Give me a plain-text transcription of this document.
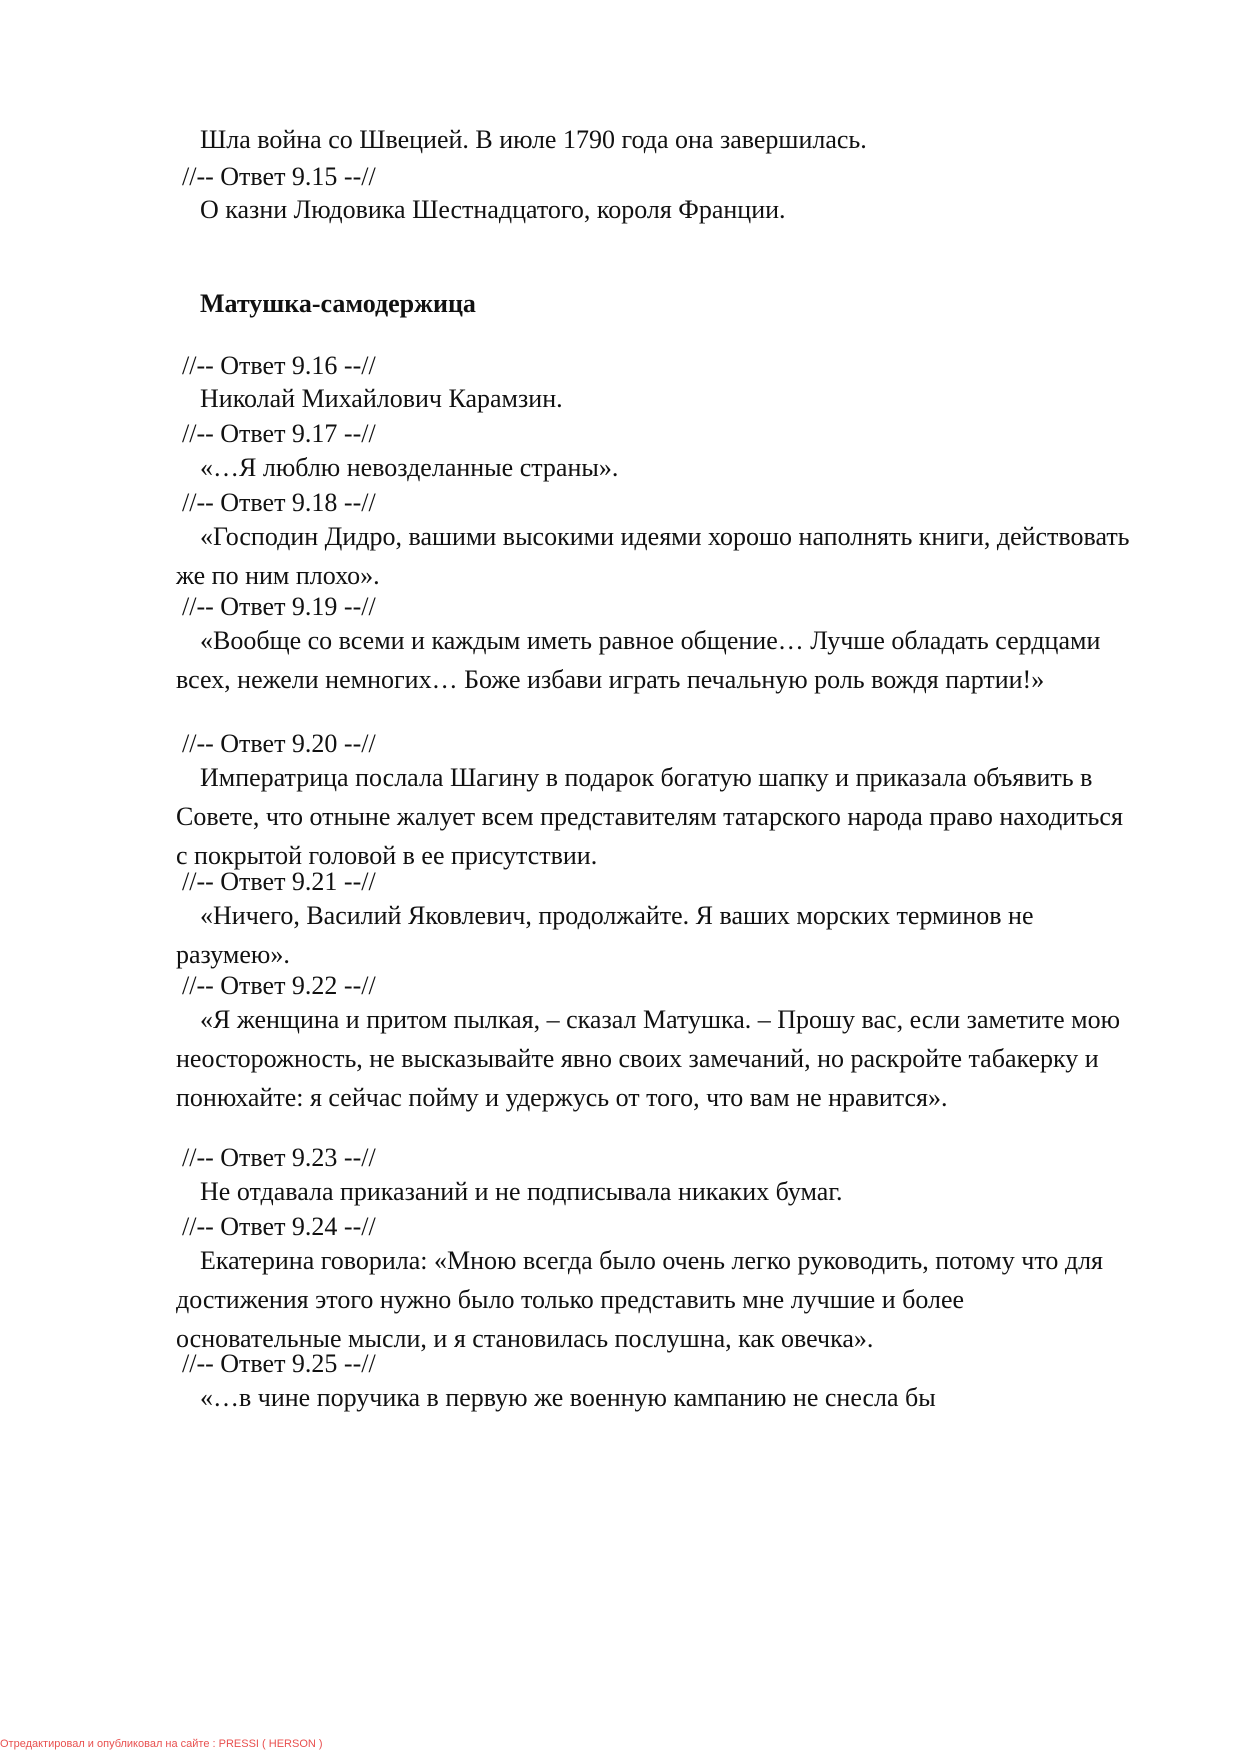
Шла война со Швецией. В июле 1790 года она завершилась.

//-- Ответ 9.15 --//

О казни Людовика Шестнадцатого, короля Франции.

Матушка-самодержица
//-- Ответ 9.16 --//

Николай Михайлович Карамзин.

//-- Ответ 9.17 --//

«…Я люблю невозделанные страны».

//-- Ответ 9.18 --//

«Господин Дидро, вашими высокими идеями хорошо наполнять книги, действовать же по ним плохо».

//-- Ответ 9.19 --//

«Вообще со всеми и каждым иметь равное общение… Лучше обладать сердцами всех, нежели немногих… Боже избави играть печальную роль вождя партии!»

//-- Ответ 9.20 --//

Императрица послала Шагину в подарок богатую шапку и приказала объявить в Совете, что отныне жалует всем представителям татарского народа право находиться с покрытой головой в ее присутствии.

//-- Ответ 9.21 --//

«Ничего, Василий Яковлевич, продолжайте. Я ваших морских терминов не разумею».

//-- Ответ 9.22 --//

«Я женщина и притом пылкая, – сказал Матушка. – Прошу вас, если заметите мою неосторожность, не высказывайте явно своих замечаний, но раскройте табакерку и понюхайте: я сейчас пойму и удержусь от того, что вам не нравится».

//-- Ответ 9.23 --//

Не отдавала приказаний и не подписывала никаких бумаг.

//-- Ответ 9.24 --//

Екатерина говорила: «Мною всегда было очень легко руководить, потому что для достижения этого нужно было только представить мне лучшие и более основательные мысли, и я становилась послушна, как овечка».

//-- Ответ 9.25 --//

«…в чине поручика в первую же военную кампанию не снесла бы

Отредактировал и опубликовал на сайте : PRESSI ( HERSON )
